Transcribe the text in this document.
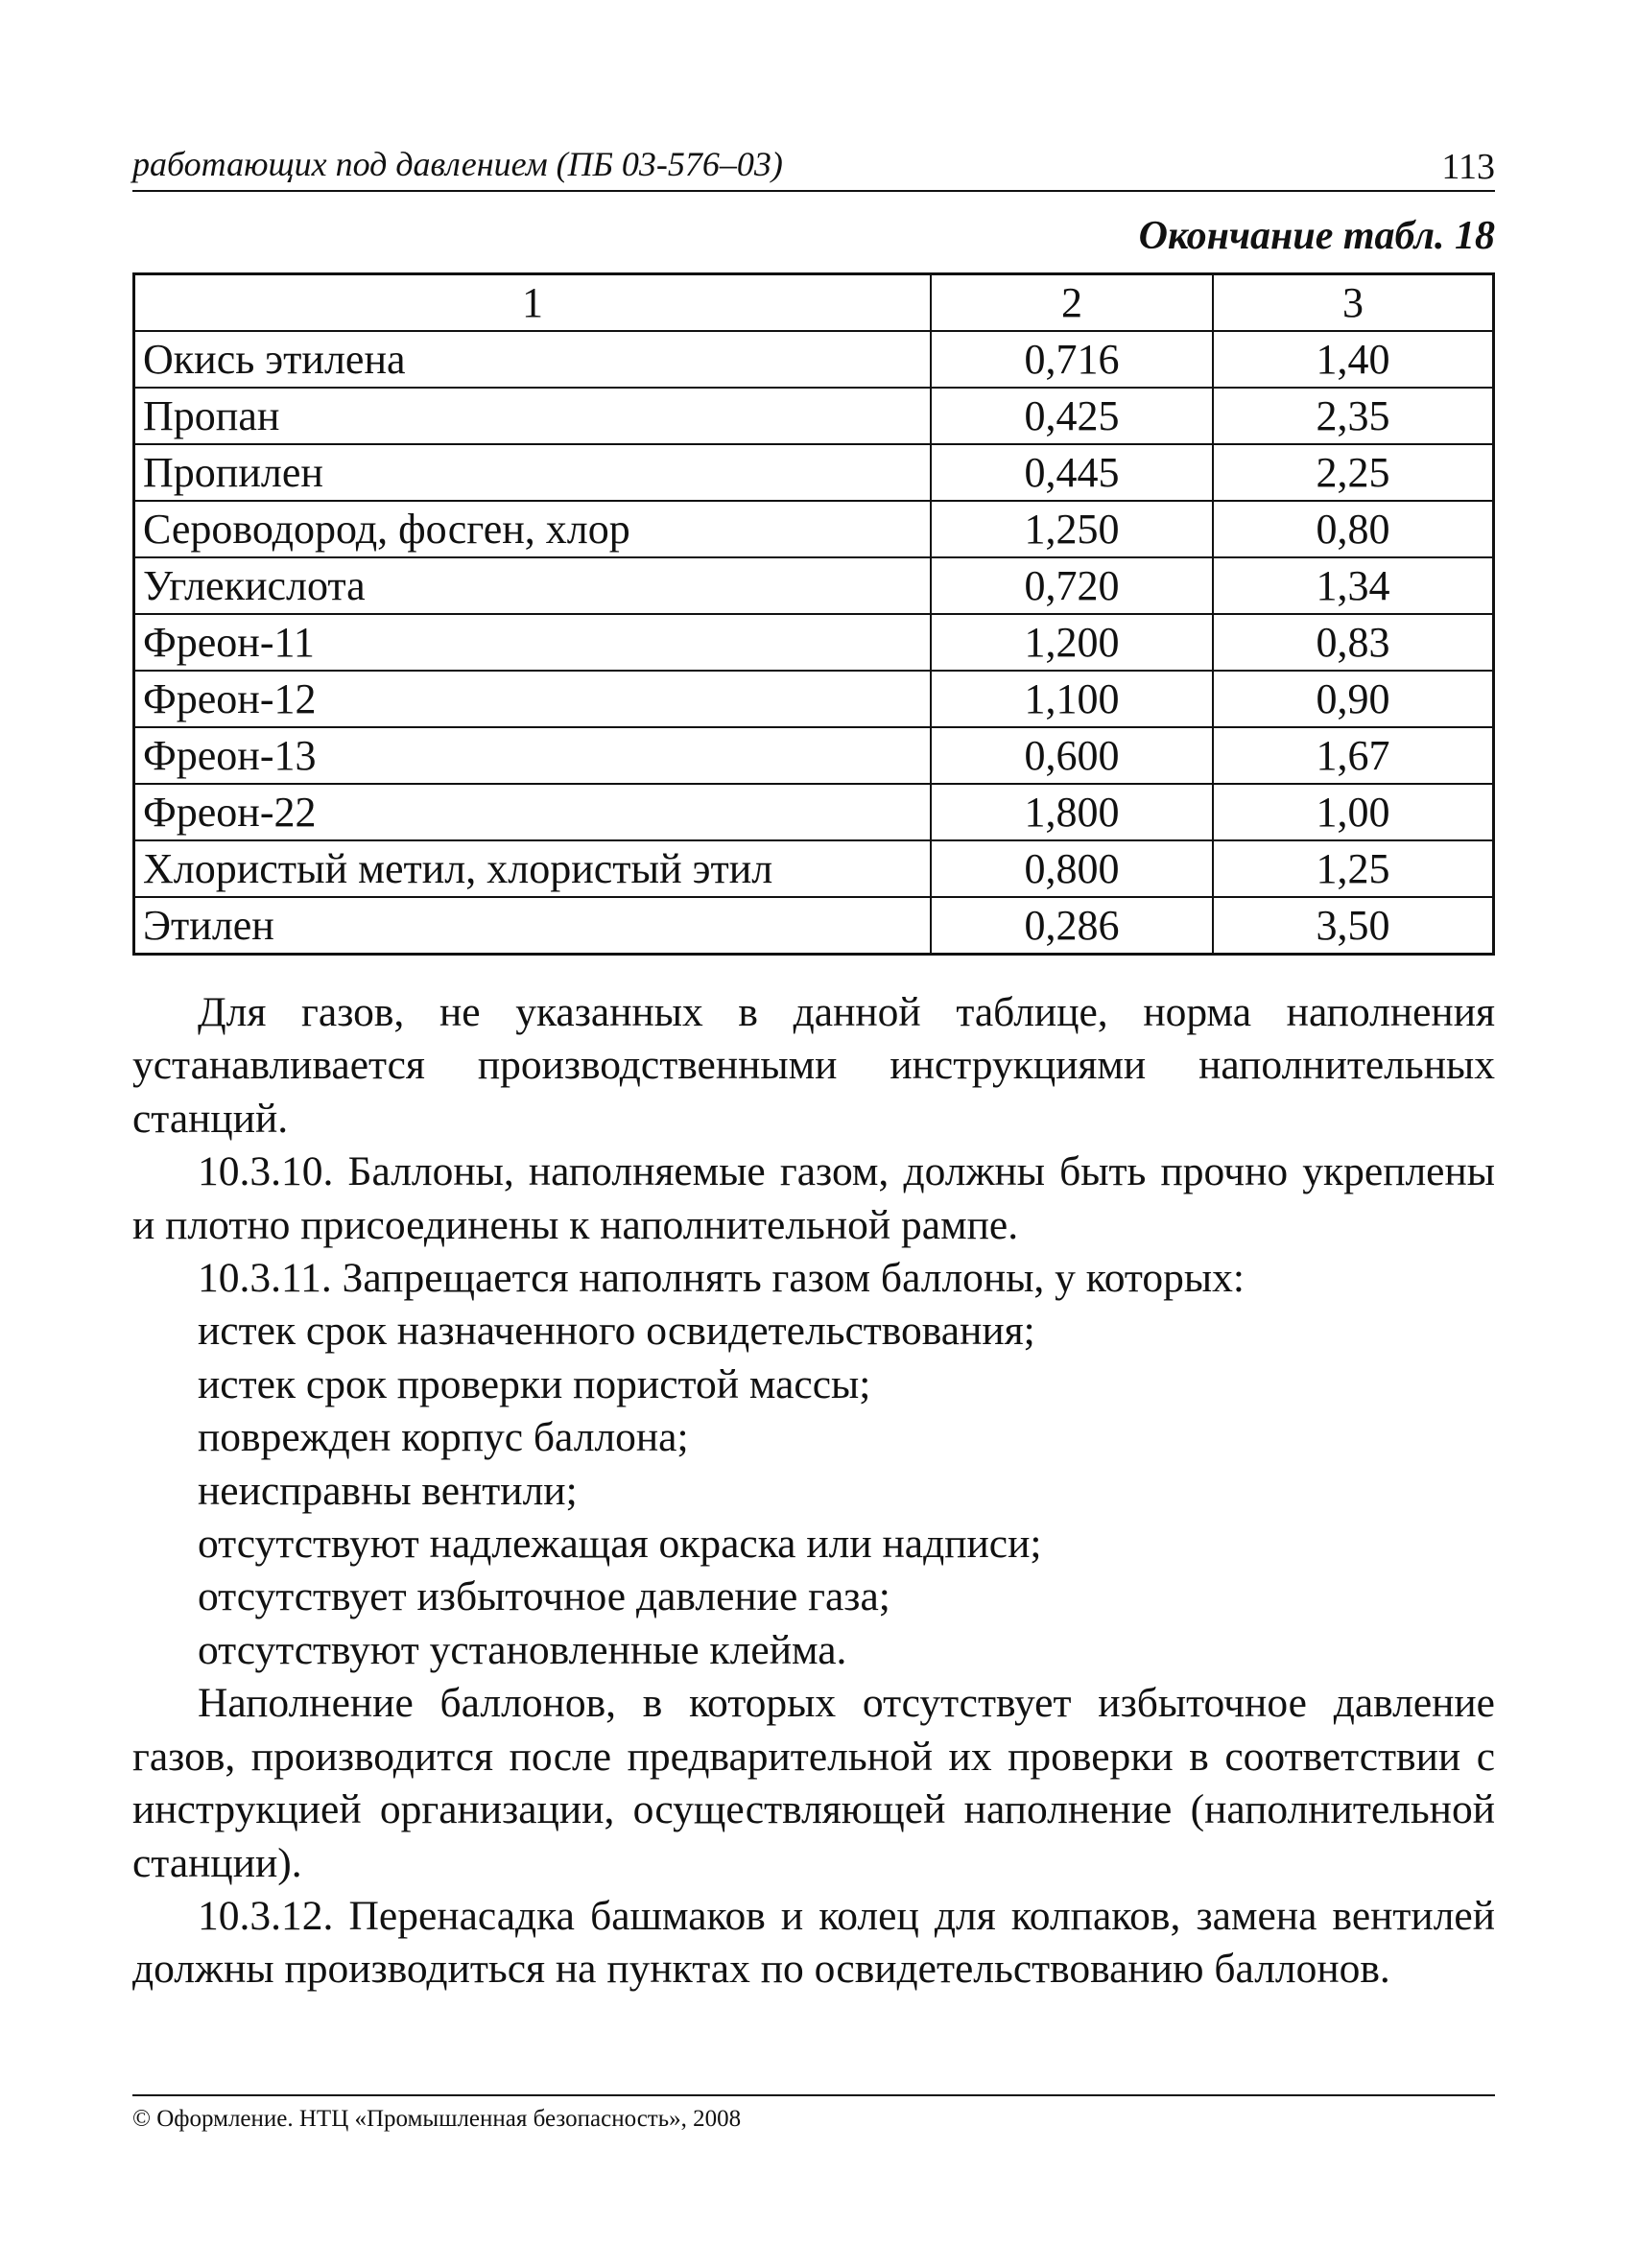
работающих под давлением (ПБ 03-576–03)	113
Окончание табл. 18
1	2	3
Окись этилена	0,716	1,40
Пропан	0,425	2,35
Пропилен	0,445	2,25
Сероводород, фосген, хлор	1,250	0,80
Углекислота	0,720	1,34
Фреон-11	1,200	0,83
Фреон-12	1,100	0,90
Фреон-13	0,600	1,67
Фреон-22	1,800	1,00
Хлористый метил, хлористый этил	0,800	1,25
Этилен	0,286	3,50

Для газов, не указанных в данной таблице, норма наполнения устанавливается производственными инструкциями наполнительных станций.

10.3.10. Баллоны, наполняемые газом, должны быть прочно укреплены и плотно присоединены к наполнительной рампе.

10.3.11. Запрещается наполнять газом баллоны, у которых:

истек срок назначенного освидетельствования;

истек срок проверки пористой массы;

поврежден корпус баллона;

неисправны вентили;

отсутствуют надлежащая окраска или надписи;

отсутствует избыточное давление газа;

отсутствуют установленные клейма.

Наполнение баллонов, в которых отсутствует избыточное давление газов, производится после предварительной их проверки в соответствии с инструкцией организации, осуществляющей наполнение (наполнительной станции).

10.3.12. Перенасадка башмаков и колец для колпаков, замена вентилей должны производиться на пунктах по освидетельствованию баллонов.

© Оформление. НТЦ «Промышленная безопасность», 2008
